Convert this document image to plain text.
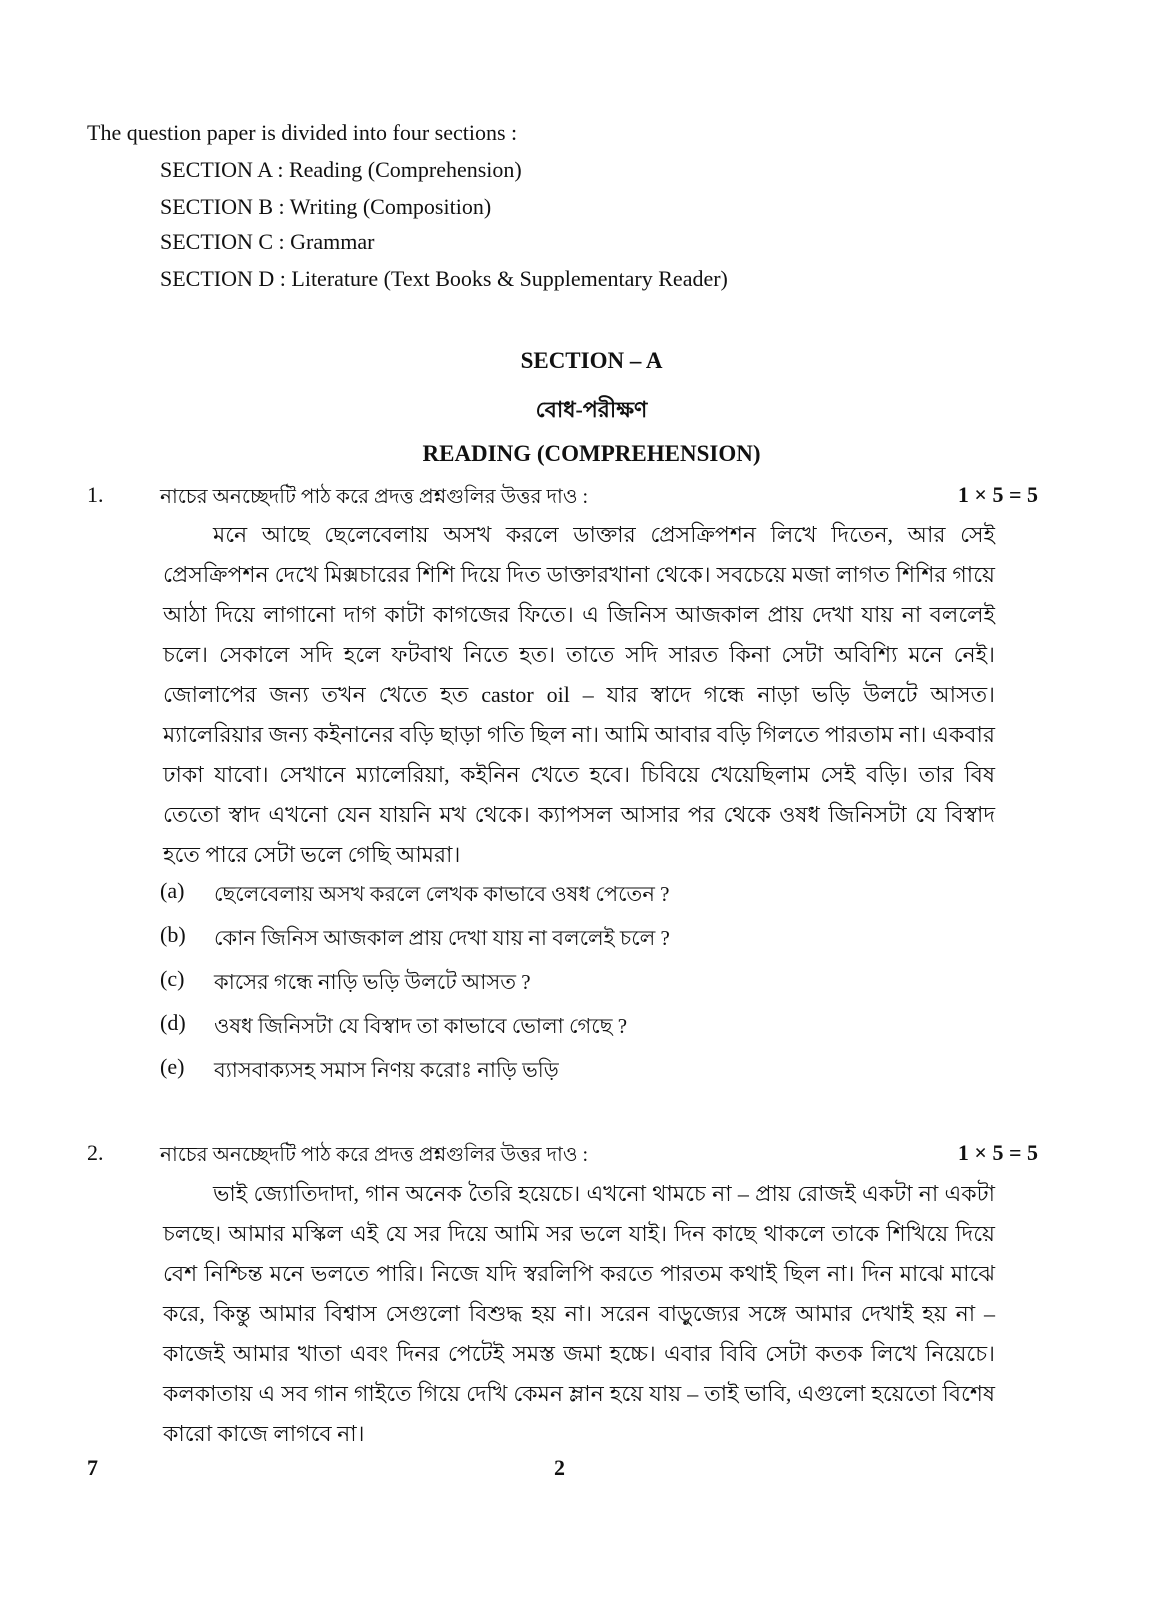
The question paper is divided into four sections :
SECTION A : Reading (Comprehension)
SECTION B : Writing (Composition)
SECTION C : Grammar
SECTION D : Literature (Text Books & Supplementary Reader)
SECTION – A
বোধ-পরীক্ষণ
READING (COMPREHENSION)
1.	নাচের অনচ্ছেদটি পাঠ করে প্রদত্ত প্রশ্নগুলির উত্তর দাও :	1 × 5 = 5
মনে আছে ছেলেবেলায় অসখ করলে ডাক্তার প্রেসক্রিপশন লিখে দিতেন, আর সেই প্রেসক্রিপশন দেখে মিক্সচারের শিশি দিয়ে দিত ডাক্তারখানা থেকে। সবচেয়ে মজা লাগত শিশির গায়ে আঠা দিয়ে লাগানো দাগ কাটা কাগজের ফিতে। এ জিনিস আজকাল প্রায় দেখা যায় না বললেই চলে। সেকালে সদি হলে ফটবাথ নিতে হত। তাতে সদি সারত কিনা সেটা অবিশ্যি মনে নেই। জোলাপের জন্য তখন খেতে হত castor oil – যার স্বাদে গন্ধে নাড়া ভড়ি উলটে আসত। ম্যালেরিয়ার জন্য কইনানের বড়ি ছাড়া গতি ছিল না। আমি আবার বড়ি গিলতে পারতাম না। একবার ঢাকা যাবো। সেখানে ম্যালেরিয়া, কইনিন খেতে হবে। চিবিয়ে খেয়েছিলাম সেই বড়ি। তার বিষ তেতো স্বাদ এখনো যেন যায়নি মখ থেকে। ক্যাপসল আসার পর থেকে ওষধ জিনিসটা যে বিস্বাদ হতে পারে সেটা ভলে গেছি আমরা।
(a) ছেলেবেলায় অসখ করলে লেখক কাভাবে ওষধ পেতেন ?
(b) কোন জিনিস আজকাল প্রায় দেখা যায় না বললেই চলে ?
(c) কাসের গন্ধে নাড়ি ভড়ি উলটে আসত ?
(d) ওষধ জিনিসটা যে বিস্বাদ তা কাভাবে ভোলা গেছে ?
(e) ব্যাসবাক্যসহ সমাস নিণয় করোঃ নাড়ি ভড়ি
2.	নাচের অনচ্ছেদটি পাঠ করে প্রদত্ত প্রশ্নগুলির উত্তর দাও :	1 × 5 = 5
ভাই জ্যোতিদাদা, গান অনেক তৈরি হয়েচে। এখনো থামচে না – প্রায় রোজই একটা না একটা চলছে। আমার মস্কিল এই যে সর দিয়ে আমি সর ভলে যাই। দিন কাছে থাকলে তাকে শিখিয়ে দিয়ে বেশ নিশ্চিন্ত মনে ভলতে পারি। নিজে যদি স্বরলিপি করতে পারতম কথাই ছিল না। দিন মাঝে মাঝে করে, কিন্তু আমার বিশ্বাস সেগুলো বিশুদ্ধ হয় না। সরেন বাড়ুজ্যের সঙ্গে আমার দেখাই হয় না – কাজেই আমার খাতা এবং দিনর পেটেই সমস্ত জমা হচ্চে। এবার বিবি সেটা কতক লিখে নিয়েচে। কলকাতায় এ সব গান গাইতে গিয়ে দেখি কেমন ম্লান হয়ে যায় – তাই ভাবি, এগুলো হয়েতো বিশেষ কারো কাজে লাগবে না।
7	2
